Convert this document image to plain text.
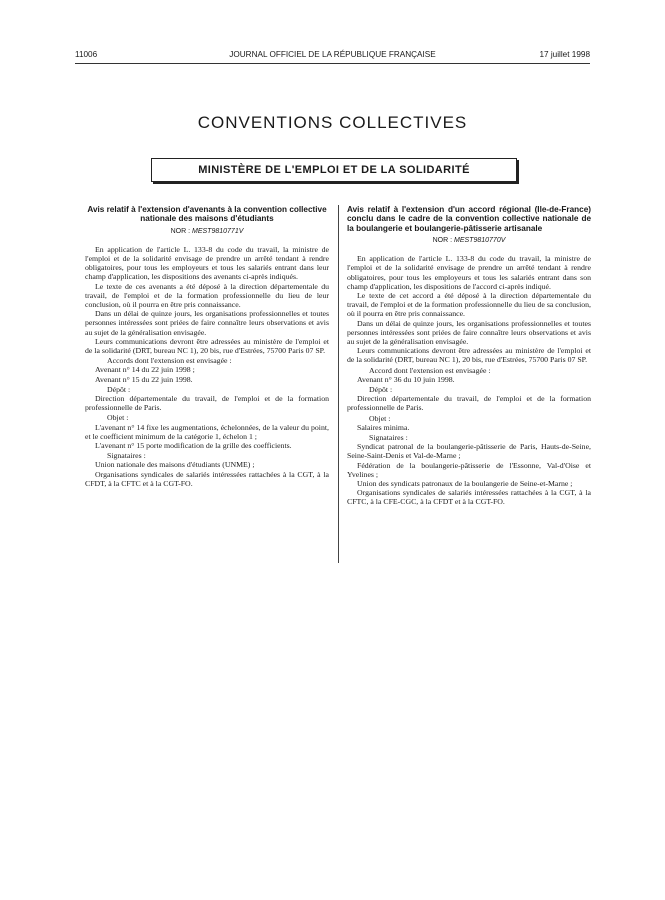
11006	JOURNAL OFFICIEL DE LA RÉPUBLIQUE FRANÇAISE	17 juillet 1998
CONVENTIONS COLLECTIVES
MINISTÈRE DE L'EMPLOI ET DE LA SOLIDARITÉ
Avis relatif à l'extension d'avenants à la convention collective nationale des maisons d'étudiants
NOR : MEST9810771V

En application de l'article L. 133-8 du code du travail, la ministre de l'emploi et de la solidarité envisage de prendre un arrêté tendant à rendre obligatoires, pour tous les employeurs et tous les salariés entrant dans leur champ d'application, les dispositions des avenants ci-après indiqués.

Le texte de ces avenants a été déposé à la direction départementale du travail, de l'emploi et de la formation professionnelle du lieu de leur conclusion, où il pourra en être pris connaissance.

Dans un délai de quinze jours, les organisations professionnelles et toutes personnes intéressées sont priées de faire connaître leurs observations et avis au sujet de la généralisation envisagée.

Leurs communications devront être adressées au ministère de l'emploi et de la solidarité (DRT, bureau NC 1), 20 bis, rue d'Estrées, 75700 Paris 07 SP.

Accords dont l'extension est envisagée :

Avenant n° 14 du 22 juin 1998 ;

Avenant n° 15 du 22 juin 1998.

Dépôt :

Direction départementale du travail, de l'emploi et de la formation professionnelle de Paris.

Objet :

L'avenant n° 14 fixe les augmentations, échelonnées, de la valeur du point, et le coefficient minimum de la catégorie 1, échelon 1 ;

L'avenant n° 15 porte modification de la grille des coefficients.

Signataires :

Union nationale des maisons d'étudiants (UNME) ;

Organisations syndicales de salariés intéressées rattachées à la CGT, à la CFDT, à la CFTC et à la CGT-FO.

Avis relatif à l'extension d'un accord régional (Ile-de-France) conclu dans le cadre de la convention collective nationale de la boulangerie et boulangerie-pâtisserie artisanale
NOR : MEST9810770V

En application de l'article L. 133-8 du code du travail, la ministre de l'emploi et de la solidarité envisage de prendre un arrêté tendant à rendre obligatoires, pour tous les employeurs et tous les salariés entrant dans son champ d'application, les dispositions de l'accord ci-après indiqué.

Le texte de cet accord a été déposé à la direction départementale du travail, de l'emploi et de la formation professionnelle du lieu de sa conclusion, où il pourra en être pris connaissance.

Dans un délai de quinze jours, les organisations professionnelles et toutes personnes intéressées sont priées de faire connaître leurs observations et avis au sujet de la généralisation envisagée.

Leurs communications devront être adressées au ministère de l'emploi et de la solidarité (DRT, bureau NC 1), 20 bis, rue d'Estrées, 75700 Paris 07 SP.

Accord dont l'extension est envisagée :

Avenant n° 36 du 10 juin 1998.

Dépôt :

Direction départementale du travail, de l'emploi et de la formation professionnelle de Paris.

Objet :

Salaires minima.

Signataires :

Syndicat patronal de la boulangerie-pâtisserie de Paris, Hauts-de-Seine, Seine-Saint-Denis et Val-de-Marne ;

Fédération de la boulangerie-pâtisserie de l'Essonne, Val-d'Oise et Yvelines ;

Union des syndicats patronaux de la boulangerie de Seine-et-Marne ;

Organisations syndicales de salariés intéressées rattachées à la CGT, à la CFTC, à la CFE-CGC, à la CFDT et à la CGT-FO.
